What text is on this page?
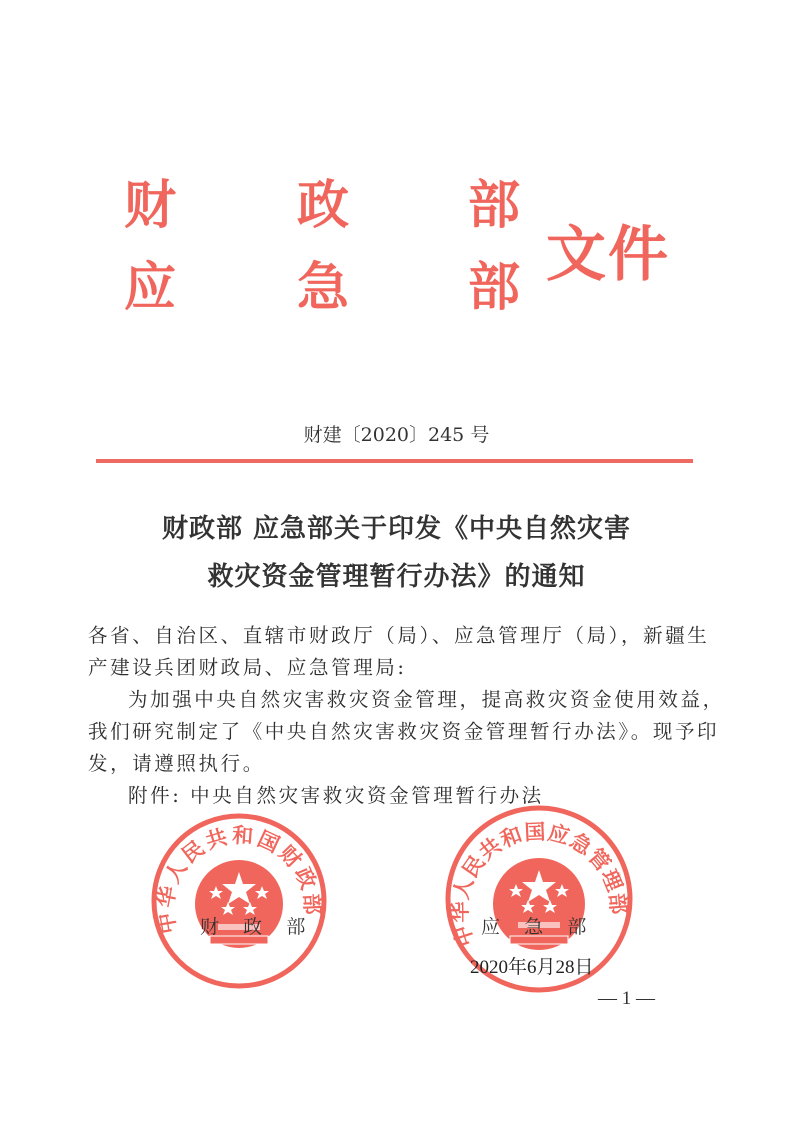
财 政 部
应 急 部 文件
财建〔2020〕245 号
财政部 应急部关于印发《中央自然灾害
救灾资金管理暂行办法》的通知
各省、自治区、直辖市财政厅（局）、应急管理厅（局），新疆生
产建设兵团财政局、应急管理局:
为加强中央自然灾害救灾资金管理，提高救灾资金使用效益，
我们研究制定了《中央自然灾害救灾资金管理暂行办法》。现予印
发，请遵照执行。
附件: 中央自然灾害救灾资金管理暂行办法
中华人民共和国财政部
财    政    部	中华人民共和国应急管理部
应    急    部
2020年6月28日
— 1 —
